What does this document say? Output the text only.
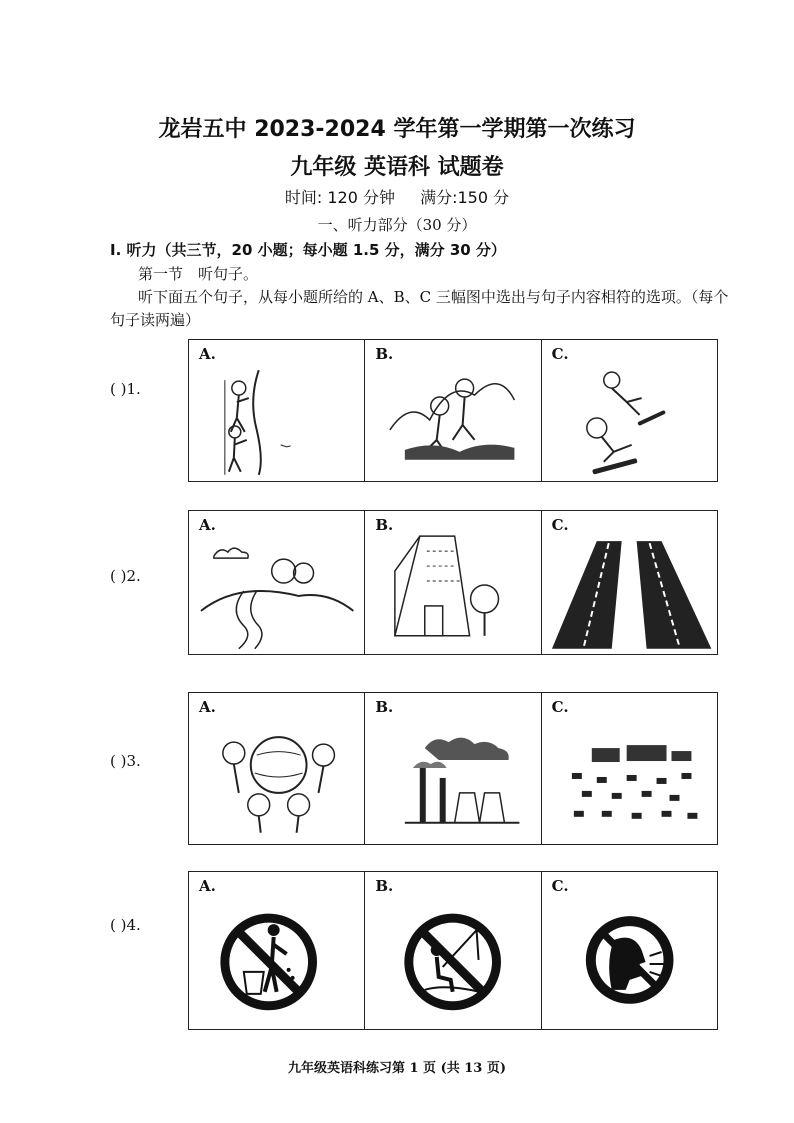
龙岩五中 2023-2024 学年第一学期第一次练习
九年级 英语科 试题卷
时间: 120 分钟 满分:150 分
一、听力部分（30 分）
I. 听力（共三节，20 小题；每小题 1.5 分，满分 30 分）
第一节　听句子。
听下面五个句子，从每小题所给的 A、B、C 三幅图中选出与句子内容相符的选项。（每个句子读两遍）
( )1.
A.	B.	C.
( )2.
A.	B.	C.
( )3.
A.	B.	C.
( )4.
A.	B.	C.
九年级英语科练习第 1 页 (共 13 页)
